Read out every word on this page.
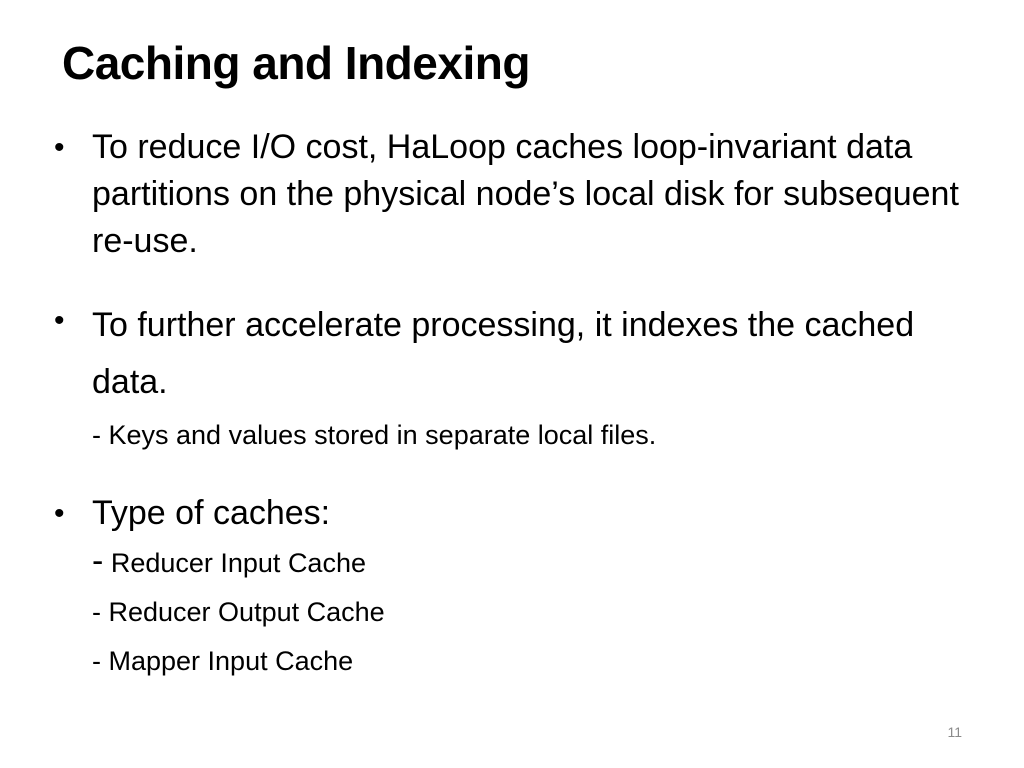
Caching and Indexing
• To reduce I/O cost, HaLoop caches loop-invariant data partitions on the physical node’s local disk for subsequent re-use.
• To further accelerate processing, it indexes the cached data.
- Keys and values stored in separate local files.
• Type of caches:
- Reducer Input Cache
- Reducer Output Cache
- Mapper Input Cache
11
